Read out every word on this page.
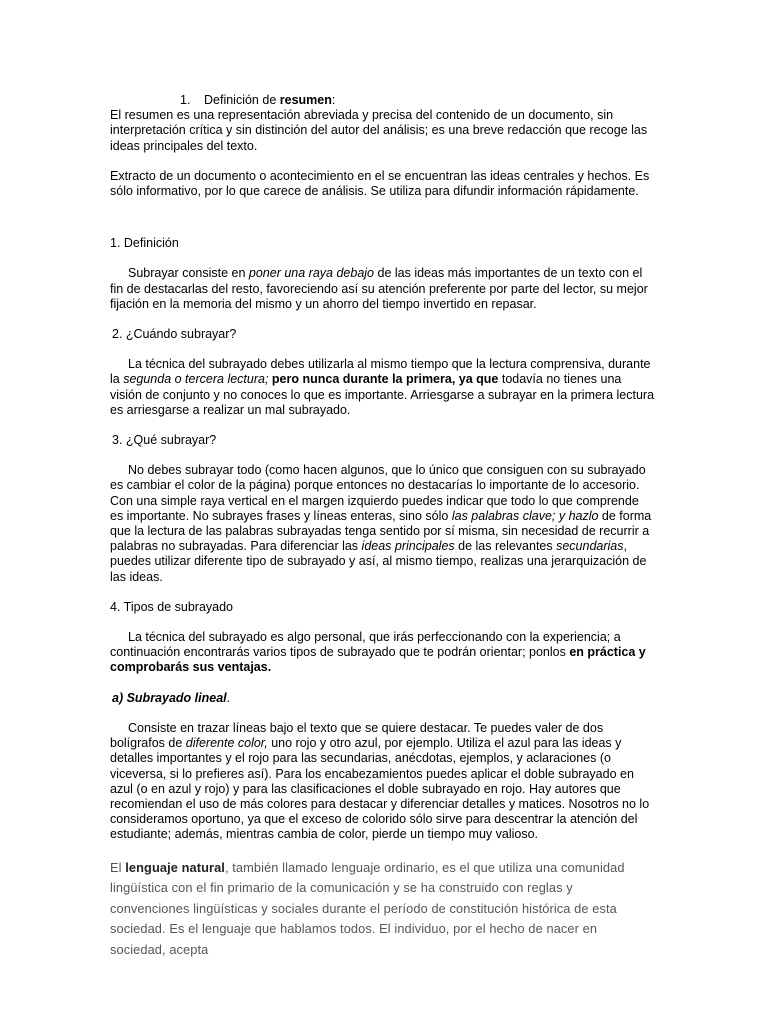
1. Definición de resumen:

El resumen es una representación abreviada y precisa del contenido de un documento, sin interpretación crítica y sin distinción del autor del análisis; es una breve redacción que recoge las ideas principales del texto.

Extracto de un documento o acontecimiento en el se encuentran las ideas centrales y hechos. Es sólo informativo, por lo que carece de análisis. Se utiliza para difundir información rápidamente.

1. Definición

Subrayar consiste en poner una raya debajo de las ideas más importantes de un texto con el fin de destacarlas del resto, favoreciendo así su atención preferente por parte del lector, su mejor fijación en la memoria del mismo y un ahorro del tiempo invertido en repasar.

2. ¿Cuándo subrayar?

La técnica del subrayado debes utilizarla al mismo tiempo que la lectura comprensiva, durante la segunda o tercera lectura; pero nunca durante la primera, ya que todavía no tienes una visión de conjunto y no conoces lo que es importante. Arriesgarse a subrayar en la primera lectura es arriesgarse a realizar un mal subrayado.

3. ¿Qué subrayar?

No debes subrayar todo (como hacen algunos, que lo único que consiguen con su subrayado es cambiar el color de la página) porque entonces no destacarías lo importante de lo accesorio. Con una simple raya vertical en el margen izquierdo puedes indicar que todo lo que comprende es importante. No subrayes frases y líneas enteras, sino sólo las palabras clave; y hazlo de forma que la lectura de las palabras subrayadas tenga sentido por sí misma, sin necesidad de recurrir a palabras no subrayadas. Para diferenciar las ideas principales de las relevantes secundarias, puedes utilizar diferente tipo de subrayado y así, al mismo tiempo, realizas una jerarquización de las ideas.

4. Tipos de subrayado

La técnica del subrayado es algo personal, que irás perfeccionando con la experiencia; a continuación encontrarás varios tipos de subrayado que te podrán orientar; ponlos en práctica y comprobarás sus ventajas.

a) Subrayado lineal.

Consiste en trazar líneas bajo el texto que se quiere destacar. Te puedes valer de dos bolígrafos de diferente color, uno rojo y otro azul, por ejemplo. Utiliza el azul para las ideas y detalles importantes y el rojo para las secundarias, anécdotas, ejemplos, y aclaraciones (o viceversa, si lo prefieres así). Para los encabezamientos puedes aplicar el doble subrayado en azul (o en azul y rojo) y para las clasificaciones el doble subrayado en rojo. Hay autores que recomiendan el uso de más colores para destacar y diferenciar detalles y matices. Nosotros no lo consideramos oportuno, ya que el exceso de colorido sólo sirve para descentrar la atención del estudiante; además, mientras cambia de color, pierde un tiempo muy valioso.

El lenguaje natural, también llamado lenguaje ordinario, es el que utiliza una comunidad lingüística con el fin primario de la comunicación y se ha construido con reglas y convenciones lingüísticas y sociales durante el período de constitución histórica de esta sociedad. Es el lenguaje que hablamos todos. El individuo, por el hecho de nacer en sociedad, acepta
